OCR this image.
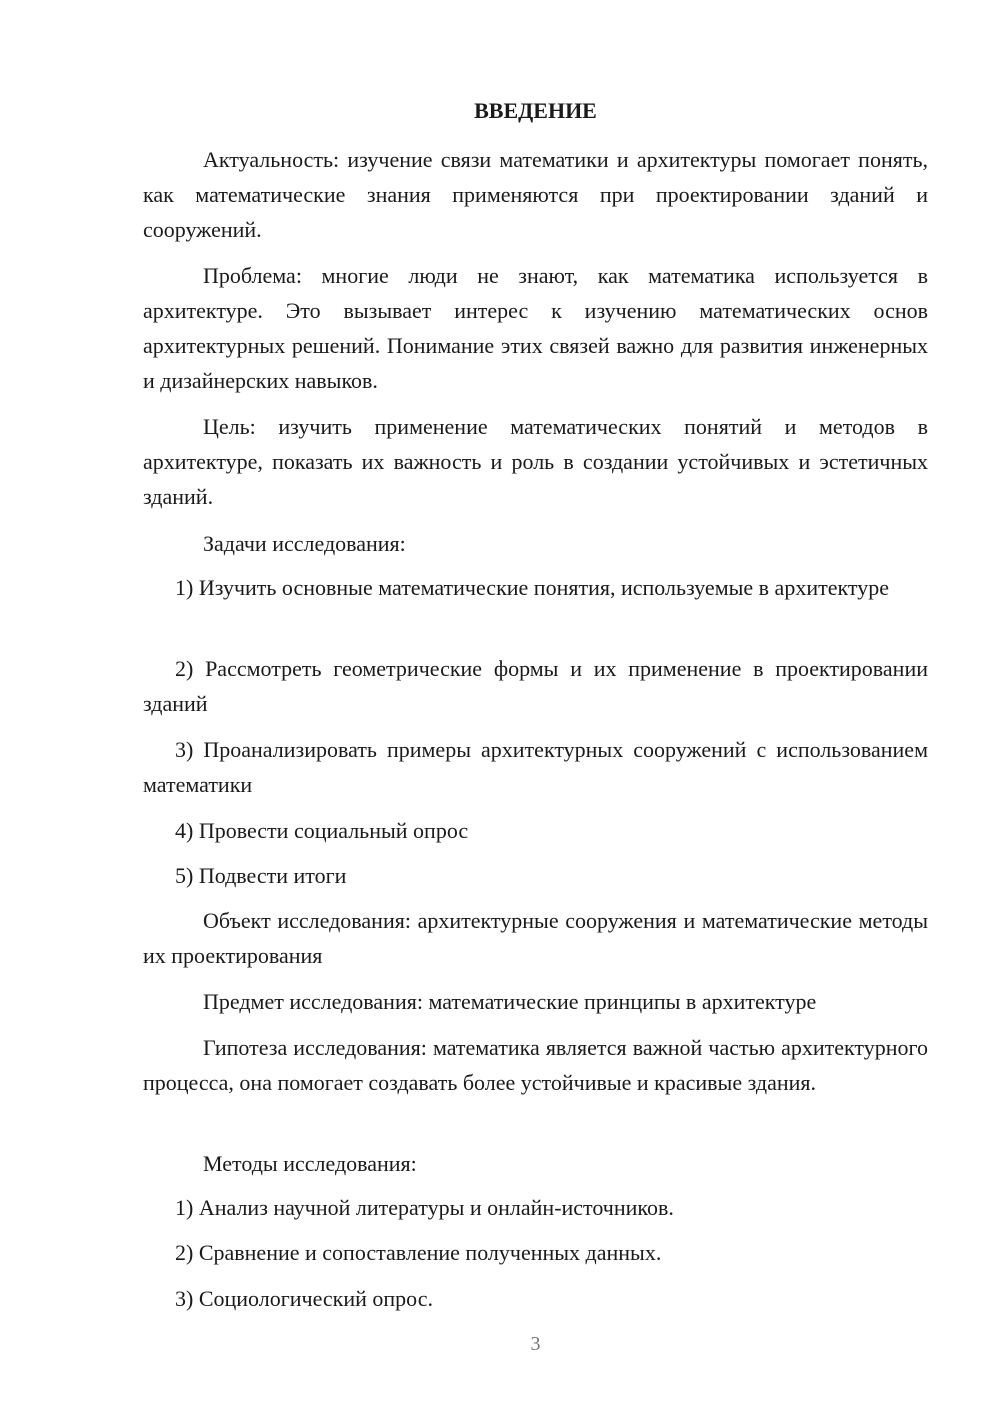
ВВЕДЕНИЕ

Актуальность: изучение связи математики и архитектуры помогает понять, как математические знания применяются при проектировании зданий и сооружений.

Проблема: многие люди не знают, как математика используется в архитектуре. Это вызывает интерес к изучению математических основ архитектурных решений. Понимание этих связей важно для развития инженерных и дизайнерских навыков.

Цель: изучить применение математических понятий и методов в архитектуре, показать их важность и роль в создании устойчивых и эстетичных зданий.

Задачи исследования:

1) Изучить основные математические понятия, используемые в архитектуре

2) Рассмотреть геометрические формы и их применение в проектировании зданий

3) Проанализировать примеры архитектурных сооружений с использованием математики

4) Провести социальный опрос

5) Подвести итоги

Объект исследования: архитектурные сооружения и математические методы их проектирования

Предмет исследования: математические принципы в архитектуре

Гипотеза исследования: математика является важной частью архитектурного процесса, она помогает создавать более устойчивые и красивые здания.

Методы исследования:

1) Анализ научной литературы и онлайн-источников.

2) Сравнение и сопоставление полученных данных.

3) Социологический опрос.

3
